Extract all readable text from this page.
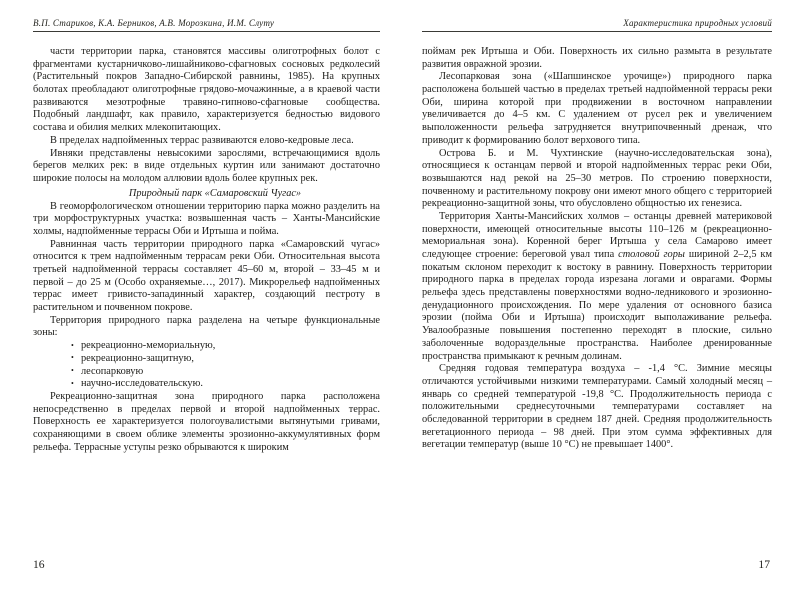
В.П. Стариков, К.А. Берников, А.В. Морозкина, И.М. Слуту

части территории парка, становятся массивы олиготрофных болот с фрагментами кустарничково-лишайниково-сфагновых сосновых редколесий (Растительный покров Западно-Сибирской равнины, 1985). На крупных болотах преобладают олиготрофные грядово-мочажинные, а в краевой части развиваются мезотрофные травяно-гипново-сфагновые сообщества. Подобный ландшафт, как правило, характеризуется бедностью видового состава и обилия мелких млекопитающих.

В пределах надпойменных террас развиваются елово-кедровые леса.

Ивняки представлены невысокими зарослями, встречающимися вдоль берегов мелких рек: в виде отдельных куртин или занимают достаточно широкие полосы на молодом аллювии вдоль более крупных рек.

Природный парк «Самаровский Чугас»

В геоморфологическом отношении территорию парка можно разделить на три морфоструктурных участка: возвышенная часть – Ханты-Мансийские холмы, надпойменные террасы Оби и Иртыша и пойма.

Равнинная часть территории природного парка «Самаровский чугас» относится к трем надпойменным террасам реки Оби. Относительная высота третьей надпойменной террасы составляет 45–60 м, второй – 33–45 м и первой – до 25 м (Особо охраняемые…, 2017). Микрорельеф надпойменных террас имеет гривисто-западинный характер, создающий пестроту в растительном и почвенном покрове.

Территория природного парка разделена на четыре функциональные зоны:

• рекреационно-мемориальную,
• рекреационно-защитную,
• лесопарковую
• научно-исследовательскую.

Рекреационно-защитная зона природного парка расположена непосредственно в пределах первой и второй надпойменных террас. Поверхность ее характеризуется пологоувалистыми вытянутыми гривами, сохраняющими в своем облике элементы эрозионно-аккумулятивных форм рельефа. Террасные уступы резко обрываются к широким

16
Характеристика природных условий

поймам рек Иртыша и Оби. Поверхность их сильно размыта в результате развития овражной эрозии.

Лесопарковая зона («Шапшинское урочище») природного парка расположена большей частью в пределах третьей надпойменной террасы реки Оби, ширина которой при продвижении в восточном направлении увеличивается до 4–5 км. С удалением от русел рек и увеличением выположенности рельефа затрудняется внутрипочвенный дренаж, что приводит к формированию болот верхового типа.

Острова Б. и М. Чухтинские (научно-исследовательская зона), относящиеся к останцам первой и второй надпойменных террас реки Оби, возвышаются над рекой на 25–30 метров. По строению поверхности, почвенному и растительному покрову они имеют много общего с территорией рекреационно-защитной зоны, что обусловлено общностью их генезиса.

Территория Ханты-Мансийских холмов – останцы древней материковой поверхности, имеющей относительные высоты 110–126 м (рекреационно-мемориальная зона). Коренной берег Иртыша у села Самарово имеет следующее строение: береговой увал типа столовой горы шириной 2–2,5 км покатым склоном переходит к востоку в равнину. Поверхность территории природного парка в пределах города изрезана логами и оврагами. Формы рельефа здесь представлены поверхностями водно-ледникового и эрозионно-денудационного происхождения. По мере удаления от основного базиса эрозии (пойма Оби и Иртыша) происходит выполаживание рельефа. Увалообразные повышения постепенно переходят в плоские, сильно заболоченные водораздельные пространства. Наиболее дренированные пространства примыкают к речным долинам.

Средняя годовая температура воздуха – -1,4 °С. Зимние месяцы отличаются устойчивыми низкими температурами. Самый холодный месяц – январь со средней температурой -19,8 °С. Продолжительность периода с положительными среднесуточными температурами составляет на обследованной территории в среднем 187 дней. Средняя продолжительность вегетационного периода – 98 дней. При этом сумма эффективных для вегетации температур (выше 10 °С) не превышает 1400°.

17
